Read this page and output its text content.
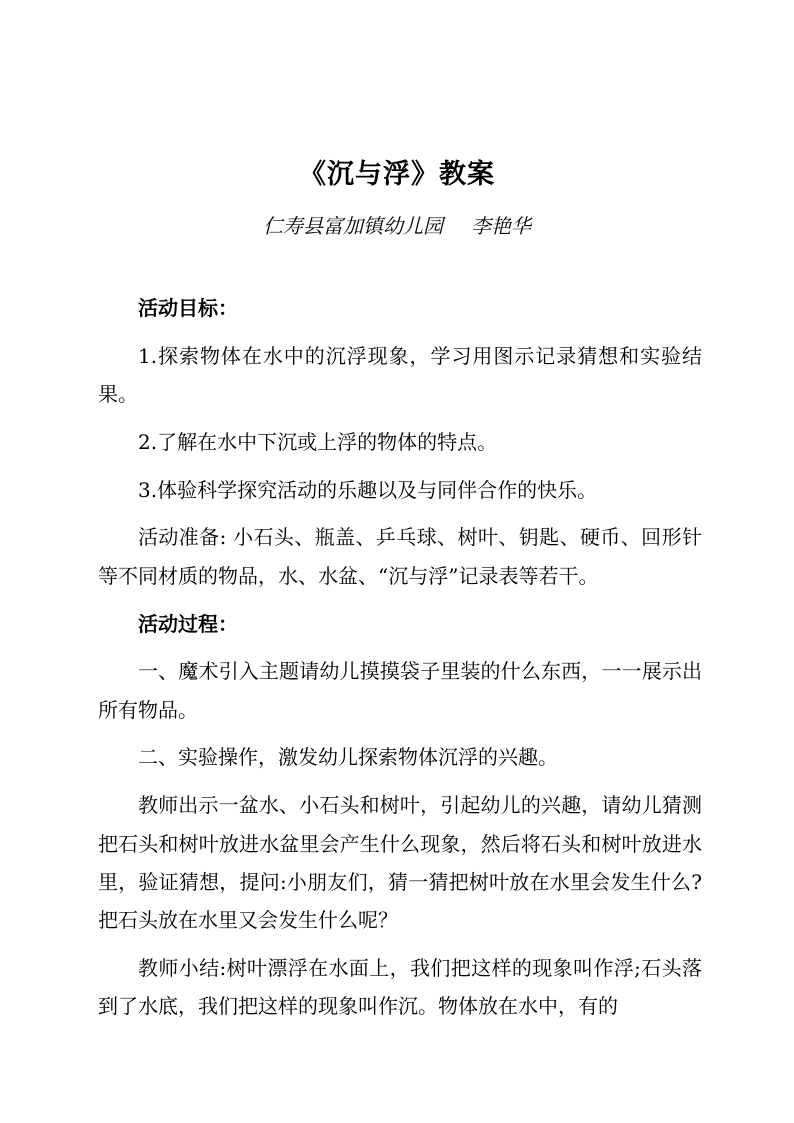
《沉与浮》教案
仁寿县富加镇幼儿园 李艳华

活动目标：

1.探索物体在水中的沉浮现象，学习用图示记录猜想和实验结果。

2.了解在水中下沉或上浮的物体的特点。

3.体验科学探究活动的乐趣以及与同伴合作的快乐。

活动准备: 小石头、瓶盖、乒乓球、树叶、钥匙、硬币、回形针等不同材质的物品，水、水盆、“沉与浮”记录表等若干。

活动过程：

一、魔术引入主题请幼儿摸摸袋子里装的什么东西，一一展示出所有物品。

二、实验操作，激发幼儿探索物体沉浮的兴趣。

教师出示一盆水、小石头和树叶，引起幼儿的兴趣，请幼儿猜测把石头和树叶放进水盆里会产生什么现象，然后将石头和树叶放进水里，验证猜想，提问:小朋友们，猜一猜把树叶放在水里会发生什么?把石头放在水里又会发生什么呢？

教师小结:树叶漂浮在水面上，我们把这样的现象叫作浮;石头落到了水底，我们把这样的现象叫作沉。物体放在水中，有的
